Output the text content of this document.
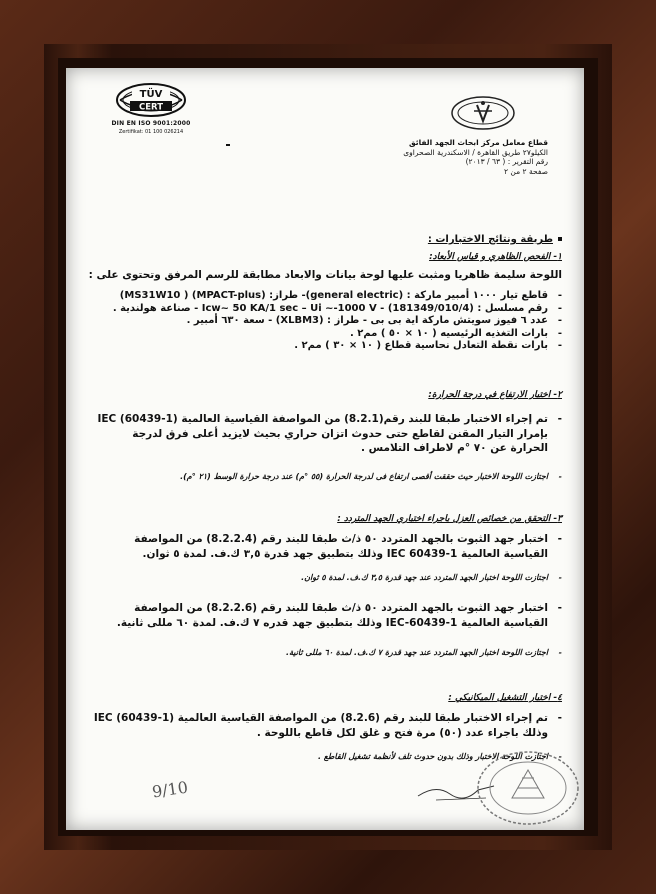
TÜV
CERT
DIN EN ISO 9001:2000
Zertifikat: 01 100 026214
قطاع معامل مركز ابحاث الجهد الفائق
الكيلو٢٧ طريق القاهرة / الاسكندرية الصحراوى
رقم التقرير : ( ٦٣ / ٢٠١٣)
صفحة ٢ من ٢
طريقة ونتائج الاختبارات :
١- الفحص الظاهري و قياس الأبعاد:
اللوحة سليمة ظاهريا ومثبت عليها لوحة بيانات والابعاد مطابقة للرسم المرفق وتحتوى على :
- قاطع تيار ١٠٠٠ أمبير ماركة : (general electric)- طراز: (MPACT-plus) ( MS31W10)
- رقم مسلسل : (181349/010/4) - Icw~ 50 KA/1 sec – Ui ~-1000 V - صناعة هولندية .
- عدد ٦ فيوز سويتش ماركة اية بى بى - طراز : (XLBM3) - سعة ٦٣٠ أمبير .
- بارات التغذيه الرئيسيه ( ١٠ × ٥٠ ) مم٢ .
- بارات نقطة التعادل نحاسية قطاع ( ١٠ × ٣٠ ) مم٢ .
٢- اختبار الارتفاع في درجة الحرارة:
- تم إجراء الاختبار طبقا للبند رقم(8.2.1) من المواصفة القياسية العالمية IEC (60439-1) بإمرار التيار المقنن لقاطع حتى حدوث اتزان حراري بحيث لايزيد أعلى فرق لدرجة الحرارة عن ٧٠ °م لاطراف التلامس .
- اجتازت اللوحة الاختبار حيث حققت أقصى ارتفاع فى لدرجة الحرارة (٥٥ °م) عند درجة حرارة الوسط (٢١ °م).
٣- التحقق من خصائص العزل باجراء اختباري الجهد المتردد :
- اختبار جهد الثبوت بالجهد المتردد ٥٠ ذ/ث طبقا للبند رقم (8.2.2.4) من المواصفة القياسية العالمية IEC 60439-1 وذلك بتطبيق جهد قدرة ٣,٥ ك.ف. لمدة ٥ ثوان.
- اجتازت اللوحة اختبار الجهد المتردد عند جهد قدرة ٣,٥ ك.ف. لمدة ٥ ثوان.
- اختبار جهد الثبوت بالجهد المتردد ٥٠ ذ/ث طبقا للبند رقم (8.2.2.6) من المواصفة القياسية العالمية IEC-60439-1 وذلك بتطبيق جهد قدره ٧ ك.ف. لمدة ٦٠ مللى ثانية.
- اجتازت اللوحة اختبار الجهد المتردد عند جهد قدرة ٧ ك.ف. لمدة ٦٠ مللى ثانية.
٤- اختبار التشغيل الميكانيكي :
- تم إجراء الاختبار طبقا للبند رقم (8.2.6) من المواصفة القياسية العالمية IEC (60439-1) وذلك باجراء عدد (٥٠) مرة فتح و غلق لكل قاطع باللوحة .
- اجتازت اللوحة الاختبار وذلك بدون حدوث تلف لأنظمة تشغيل القاطع .
9/10
